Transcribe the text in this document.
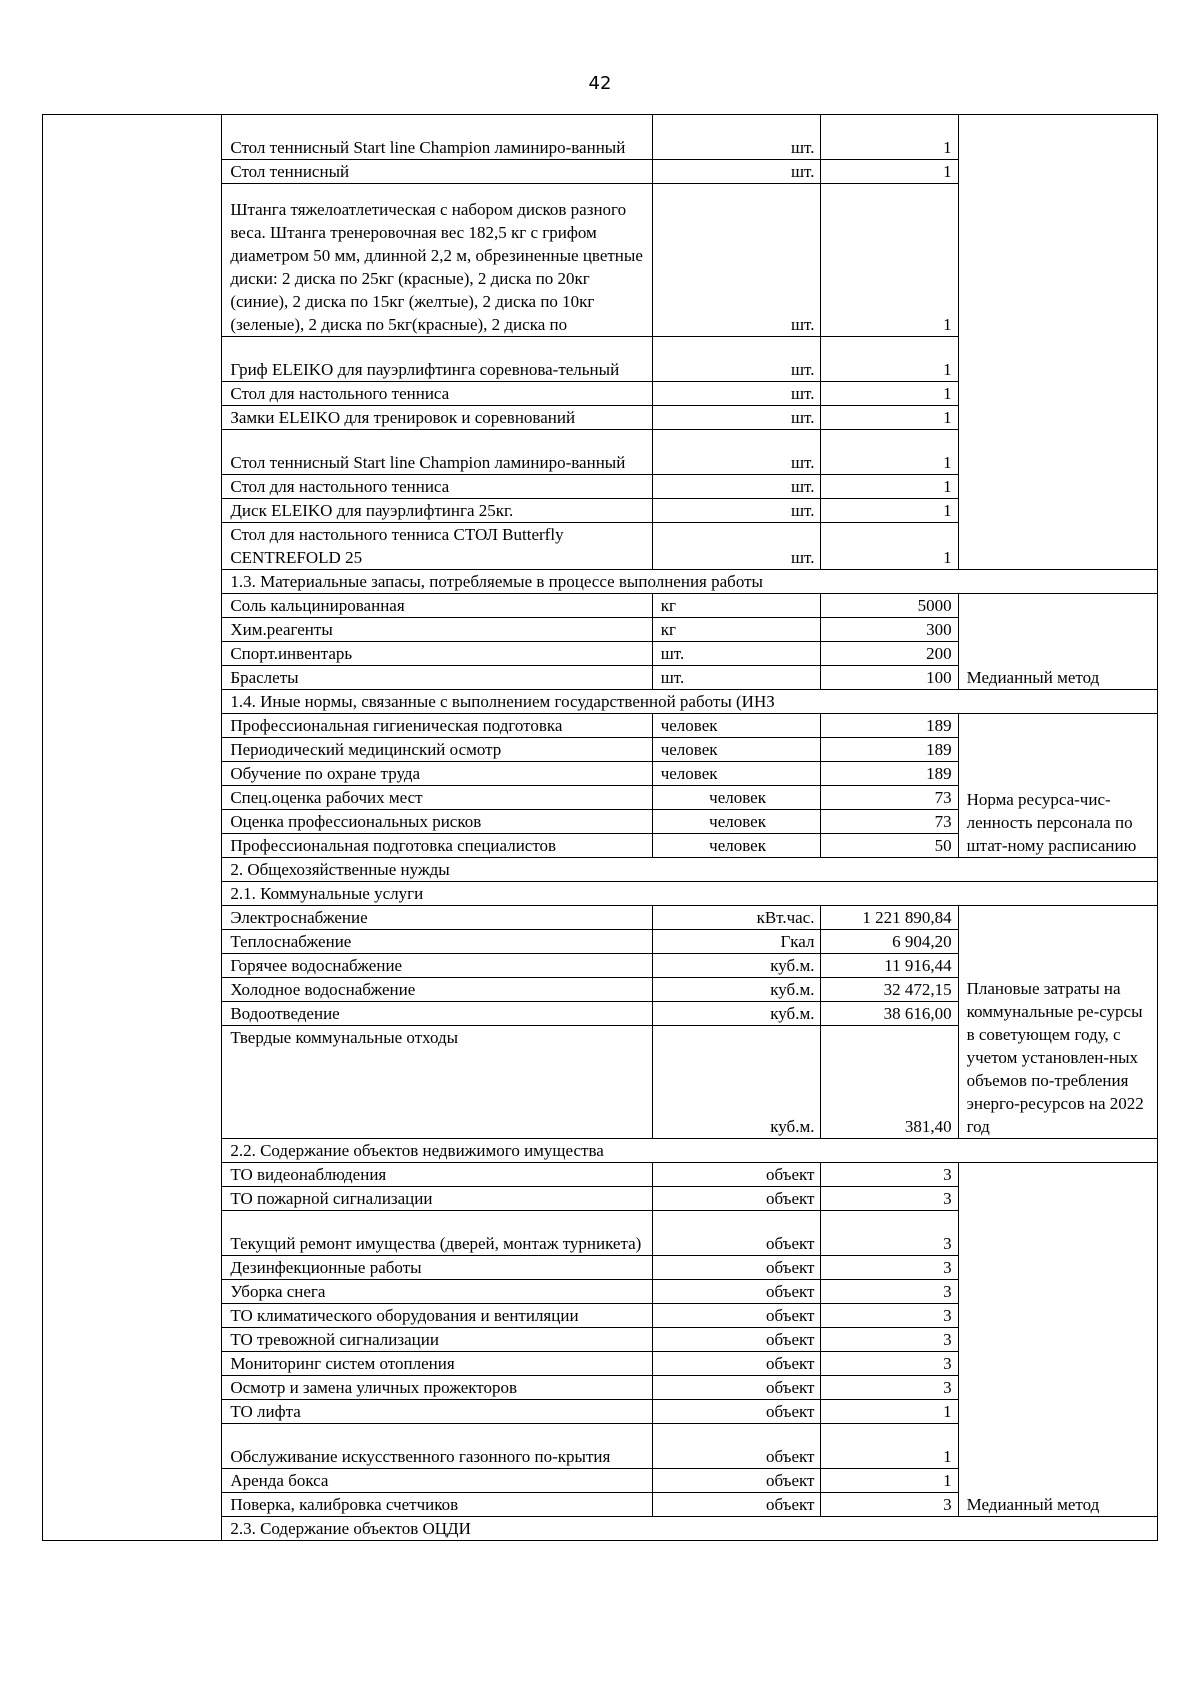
42
	Стол теннисный Start line Champion ламиниро-ванный	шт.	1	
	Стол теннисный	шт.	1	
	Штанга тяжелоатлетическая с набором дисков разного веса. Штанга тренеровочная вес 182,5 кг с грифом диаметром 50 мм, длинной 2,2 м, обрезиненные цветные диски: 2 диска по 25кг (красные), 2 диска по 20кг (синие), 2 диска по 15кг (желтые), 2 диска по 10кг (зеленые), 2 диска по 5кг(красные), 2 диска по	шт.	1	
	Гриф ELEIKO для пауэрлифтинга соревнова-тельный	шт.	1	
	Стол для настольного тенниса	шт.	1	
	Замки ELEIKO для тренировок и соревнований	шт.	1	
	Стол теннисный Start line Champion ламиниро-ванный	шт.	1	
	Стол для настольного тенниса	шт.	1	
	Диск ELEIKO для пауэрлифтинга 25кг.	шт.	1	
	Стол для настольного тенниса СТОЛ Butterfly CENTREFOLD 25	шт.	1	
	1.3. Материальные запасы, потребляемые в процессе выполнения работы			
	Соль кальцинированная	кг	5000	Медианный метод
	Хим.реагенты	кг	300	
	Спорт.инвентарь	шт.	200	
	Браслеты	шт.	100	
	1.4. Иные нормы, связанные с выполнением государственной работы (ИНЗ			
	Профессиональная гигиеническая подготовка	человек	189	Норма ресурса-чис-ленность персонала по штат-ному расписанию
	Периодический медицинский осмотр	человек	189	
	Обучение по охране труда	человек	189	
	Спец.оценка рабочих мест	человек	73	
	Оценка профессиональных рисков	человек	73	
	Профессиональная подготовка специалистов	человек	50	
	2. Общехозяйственные нужды			
	2.1. Коммунальные услуги			
	Электроснабжение	кВт.час.	1 221 890,84	Плановые затраты на коммунальные ре-сурсы в советующем году, с учетом установлен-ных объемов по-требления энерго-ресурсов на 2022 год
	Теплоснабжение	Гкал	6 904,20	
	Горячее водоснабжение	куб.м.	11 916,44	
	Холодное водоснабжение	куб.м.	32 472,15	
	Водоотведение	куб.м.	38 616,00	
	Твердые коммунальные отходы	куб.м.	381,40	
	2.2. Содержание объектов недвижимого имущества			
	ТО видеонаблюдения	объект	3	Медианный метод
	ТО пожарной сигнализации	объект	3	
	Текущий ремонт имущества (дверей, монтаж турникета)	объект	3	
	Дезинфекционные работы	объект	3	
	Уборка снега	объект	3	
	ТО климатического оборудования и вентиляции	объект	3	
	ТО тревожной сигнализации	объект	3	
	Мониторинг систем отопления	объект	3	
	Осмотр и замена уличных прожекторов	объект	3	
	ТО лифта	объект	1	
	Обслуживание искусственного газонного по-крытия	объект	1	
	Аренда бокса	объект	1	
	Поверка, калибровка счетчиков	объект	3	
	2.3. Содержание объектов ОЦДИ			
